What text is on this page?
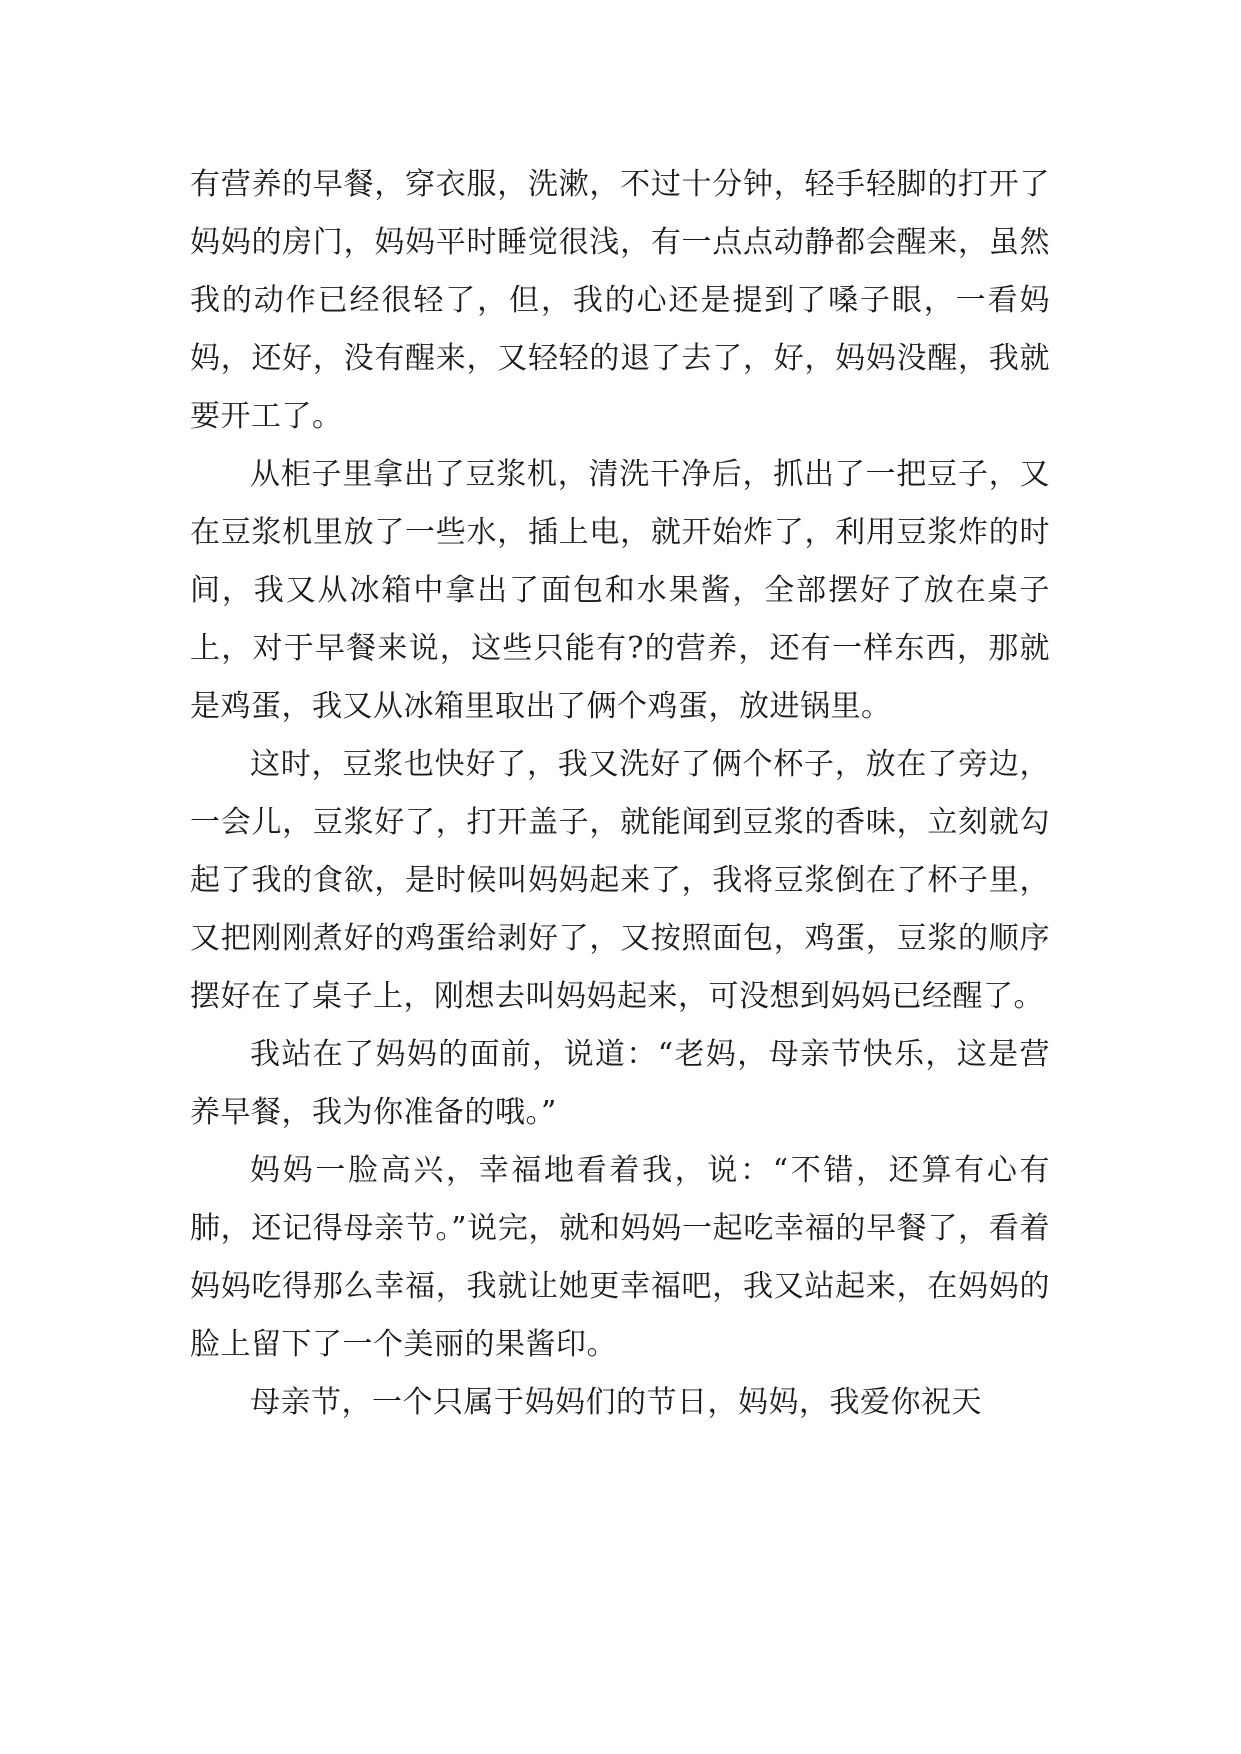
有营养的早餐，穿衣服，洗漱，不过十分钟，轻手轻脚的打开了妈妈的房门，妈妈平时睡觉很浅，有一点点动静都会醒来，虽然我的动作已经很轻了，但，我的心还是提到了嗓子眼，一看妈妈，还好，没有醒来，又轻轻的退了去了，好，妈妈没醒，我就要开工了。

从柜子里拿出了豆浆机，清洗干净后，抓出了一把豆子，又在豆浆机里放了一些水，插上电，就开始炸了，利用豆浆炸的时间，我又从冰箱中拿出了面包和水果酱，全部摆好了放在桌子上，对于早餐来说，这些只能有?的营养，还有一样东西，那就是鸡蛋，我又从冰箱里取出了俩个鸡蛋，放进锅里。

这时，豆浆也快好了，我又洗好了俩个杯子，放在了旁边，一会儿，豆浆好了，打开盖子，就能闻到豆浆的香味，立刻就勾起了我的食欲，是时候叫妈妈起来了，我将豆浆倒在了杯子里，又把刚刚煮好的鸡蛋给剥好了，又按照面包，鸡蛋，豆浆的顺序摆好在了桌子上，刚想去叫妈妈起来，可没想到妈妈已经醒了。

我站在了妈妈的面前，说道：“老妈，母亲节快乐，这是营养早餐，我为你准备的哦。”

妈妈一脸高兴，幸福地看着我，说：“不错，还算有心有肺，还记得母亲节。”说完，就和妈妈一起吃幸福的早餐了，看着妈妈吃得那么幸福，我就让她更幸福吧，我又站起来，在妈妈的脸上留下了一个美丽的果酱印。

母亲节，一个只属于妈妈们的节日，妈妈，我爱你祝天
